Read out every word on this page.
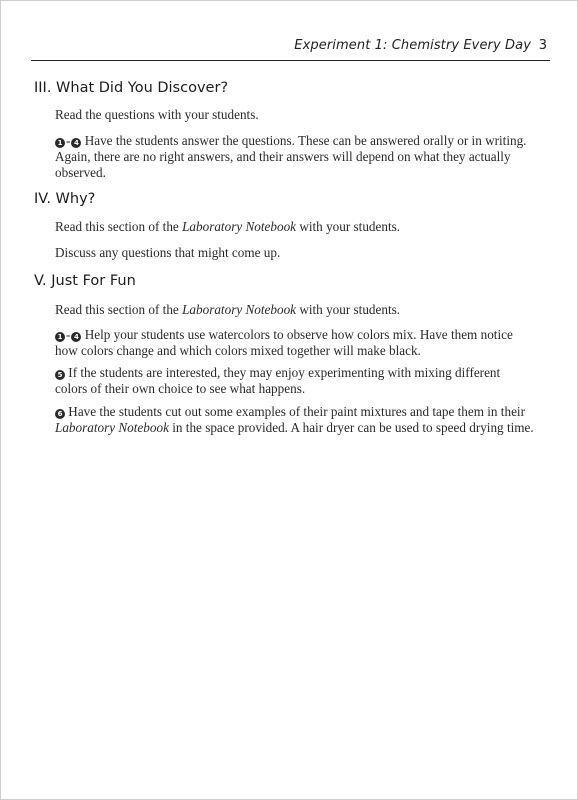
Experiment 1: Chemistry Every Day 3
III. What Did You Discover?

Read the questions with your students.

1 - 4 Have the students answer the questions. These can be answered orally or in writing. Again, there are no right answers, and their answers will depend on what they actually observed.

IV. Why?

Read this section of the Laboratory Notebook with your students.

Discuss any questions that might come up.

V. Just For Fun

Read this section of the Laboratory Notebook with your students.

1 - 4 Help your students use watercolors to observe how colors mix. Have them notice how colors change and which colors mixed together will make black.

5 If the students are interested, they may enjoy experimenting with mixing different colors of their own choice to see what happens.

6 Have the students cut out some examples of their paint mixtures and tape them in their Laboratory Notebook in the space provided. A hair dryer can be used to speed drying time.
